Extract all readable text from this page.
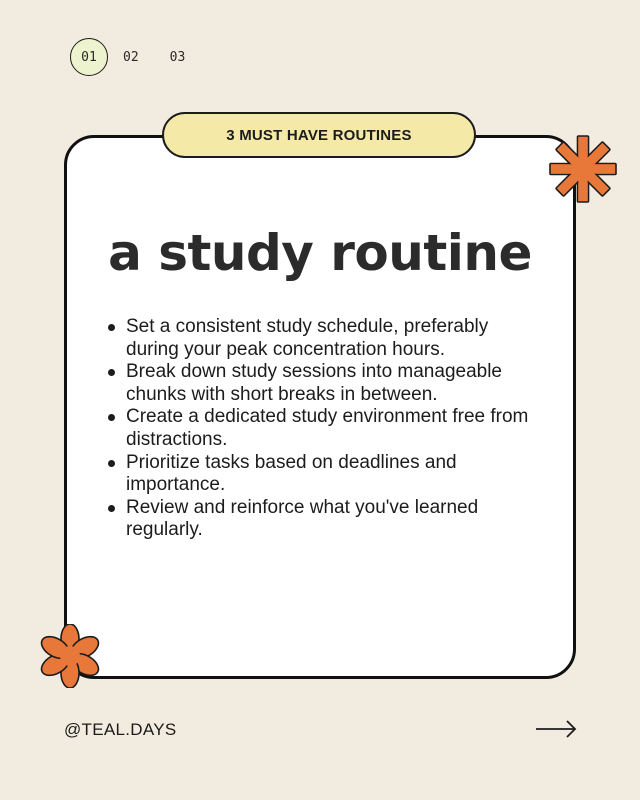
01	02 03
3 MUST HAVE ROUTINES
a study routine
Set a consistent study schedule, preferably during your peak concentration hours.
Break down study sessions into manageable chunks with short breaks in between.
Create a dedicated study environment free from distractions.
Prioritize tasks based on deadlines and importance.
Review and reinforce what you've learned regularly.
@TEAL.DAYS
